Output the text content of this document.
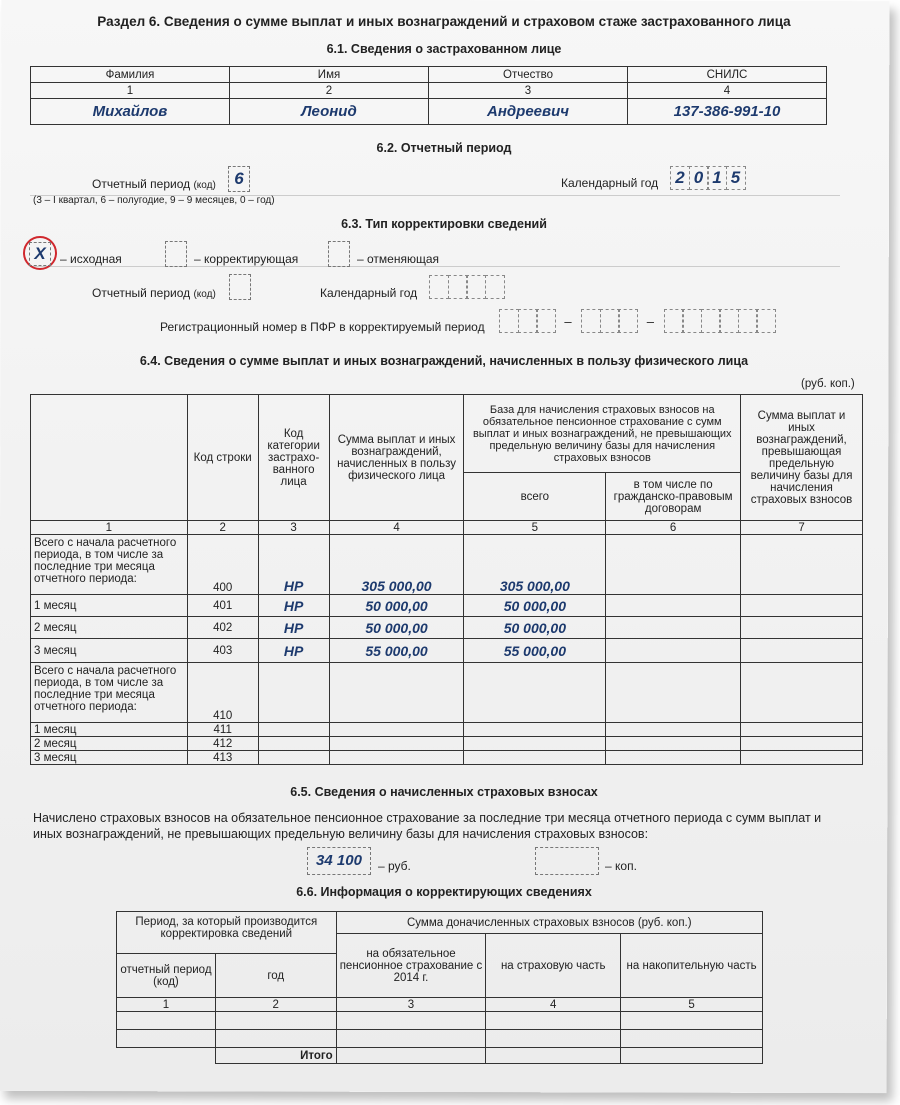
Раздел 6. Сведения о сумме выплат и иных вознаграждений и страховом стаже застрахованного лица
6.1. Сведения о застрахованном лице
Фамилия	Имя	Отчество	СНИЛС
1	2	3	4
Михайлов	Леонид	Андреевич	137-386-991-10
6.2. Отчетный период
Отчетный период (код)	6
(3 – I квартал, 6 – полугодие, 9 – 9 месяцев, 0 – год)
Календарный год	2 0 1 5
6.3. Тип корректировки сведений
X	– исходная	– корректирующая	– отменяющая
Отчетный период (код)	Календарный год
Регистрационный номер в ПФР в корректируемый период	–	–
6.4. Сведения о сумме выплат и иных вознаграждений, начисленных в пользу физического лица
(руб. коп.)
	Код строки	Код категории застрахо-ванного лица	Сумма выплат и иных вознаграждений, начисленных в пользу физического лица	База для начисления страховых взносов на обязательное пенсионное страхование с сумм выплат и иных вознаграждений, не превышающих предельную величину базы для начисления страховых взносов		Сумма выплат и иных вознаграждений, превышающая предельную величину базы для начисления страховых взносов
				всего	в том числе по гражданско-правовым договорам	
1	2	3	4	5	6	7
Всего с начала расчетного периода, в том числе за последние три месяца отчетного периода:	400	НР	305 000,00	305 000,00		
1 месяц	401	НР	50 000,00	50 000,00		
2 месяц	402	НР	50 000,00	50 000,00		
3 месяц	403	НР	55 000,00	55 000,00		
Всего с начала расчетного периода, в том числе за последние три месяца отчетного периода:	410					
1 месяц	411					
2 месяц	412					
3 месяц	413					
6.5. Сведения о начисленных страховых взносах
Начислено страховых взносов на обязательное пенсионное страхование за последние три месяца отчетного периода с сумм выплат и иных вознаграждений, не превышающих предельную величину базы для начисления страховых взносов:
34 100	– руб.	– коп.
6.6. Информация о корректирующих сведениях
Период, за который производится корректировка сведений		Сумма доначисленных страховых взносов (руб. коп.)		
		на обязательное пенсионное страхование с 2014 г.	на страховую часть	на накопительную часть
отчетный период (код)	год			
1	2	3	4	5

	Итого			
